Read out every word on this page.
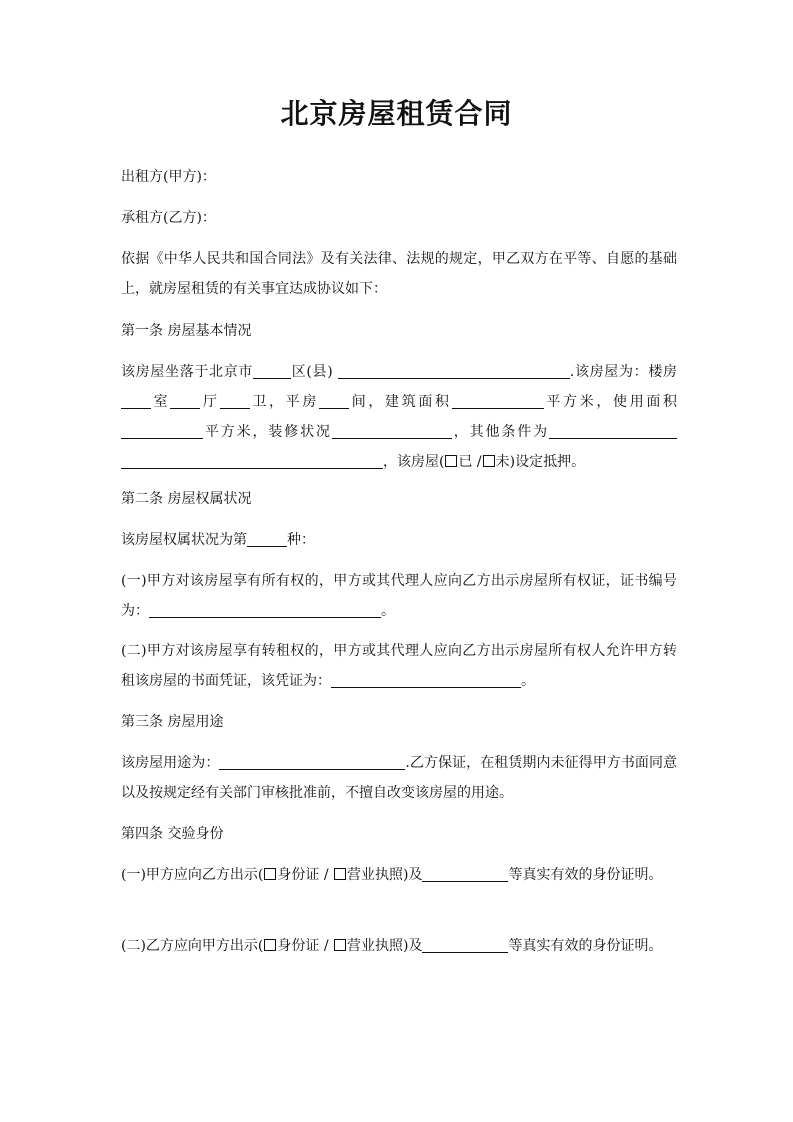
北京房屋租赁合同
出租方(甲方)：
承租方(乙方)：
依据《中华人民共和国合同法》及有关法律、法规的规定，甲乙双方在平等、自愿的基础上，就房屋租赁的有关事宜达成协议如下：
第一条 房屋基本情况
该房屋坐落于北京市	区(县)	.该房屋为：楼房室 厅 卫，平房 间，建筑面积	平方米，使用面积平方米，装修状况	，其他条件为，该房屋( 已 / 未)设定抵押。
第二条 房屋权属状况
该房屋权属状况为第	种：
(一)甲方对该房屋享有所有权的，甲方或其代理人应向乙方出示房屋所有权证，证书编号为：	。
(二)甲方对该房屋享有转租权的，甲方或其代理人应向乙方出示房屋所有权人允许甲方转租该房屋的书面凭证，该凭证为：	。
第三条 房屋用途
该房屋用途为：	.乙方保证，在租赁期内未征得甲方书面同意以及按规定经有关部门审核批准前，不擅自改变该房屋的用途。
第四条 交验身份
(一)甲方应向乙方出示( 身份证 / 营业执照)及	等真实有效的身份证明。
(二)乙方应向甲方出示( 身份证 / 营业执照)及	等真实有效的身份证明。
